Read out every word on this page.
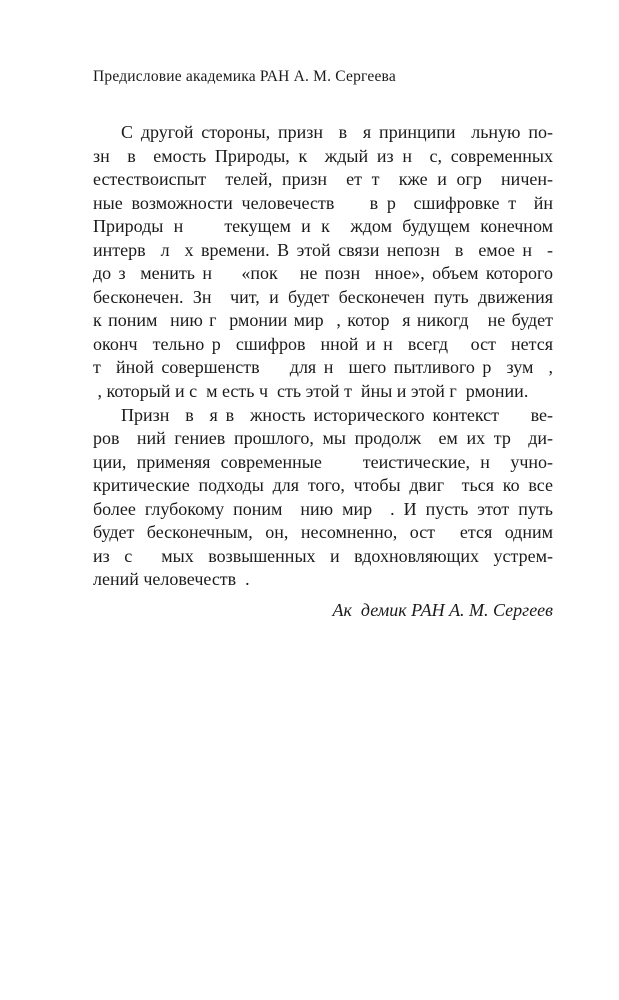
Предисловие академика РАН А. М. Сергеева
С другой стороны, призн  в  я принципи  льную по-
зн  в  емость Природы, к  ждый из н  с, современных
естествоиспыт  телей, призн  ет т  кже и огр  ничен-
ные возможности человечеств    в р  сшифровке т  йн
Природы н    текущем и к  ждом будущем конечном
интерв  л  х времени. В этой связи непозн  в  емое н  -
до з  менить н    «пок   не позн  нное», объем которого
бесконечен. Зн  чит, и будет бесконечен путь движения
к поним  нию г  рмонии мир  , котор  я никогд   не будет
оконч  тельно р  сшифров  нной и н  всегд   ост  нется
т  йной совершенств    для н  шего пытливого р  зум  ,
, который и с  м есть ч  сть этой т  йны и этой г  рмонии.
Призн  в  я в  жность исторического контекст    ве-
ров  ний гениев прошлого, мы продолж  ем их тр  ди-
ции, применяя современные    теистические, н  учно-
критические подходы для того, чтобы двиг  ться ко все
более глубокому поним  нию мир  . И пусть этот путь
будет бесконечным, он, несомненно, ост  ется одним
из с  мых возвышенных и вдохновляющих устрем-
лений человечеств  .
Ак  демик РАН А. М. Сергеев
